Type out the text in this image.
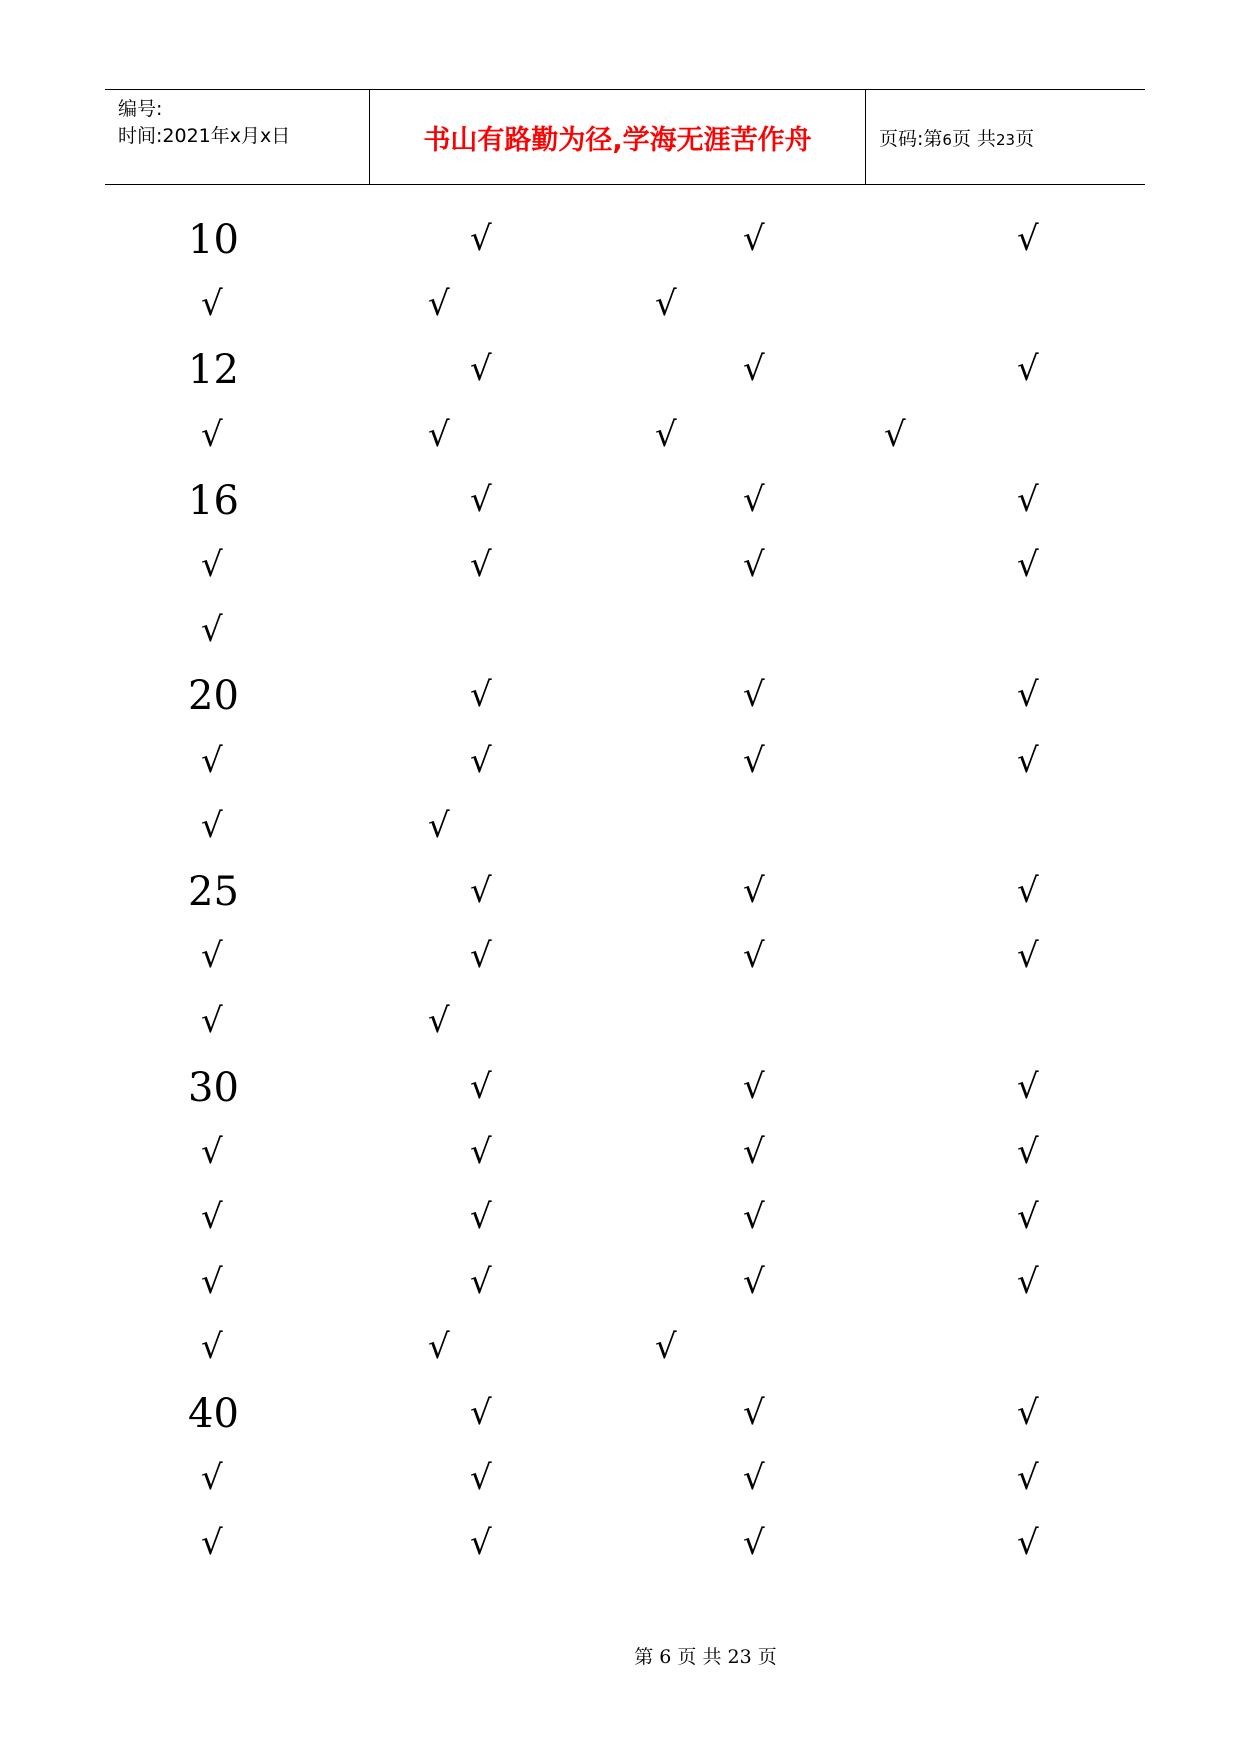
编号:
时间:2021年x月x日	书山有路勤为径,学海无涯苦作舟	页码:第6页 共23页
10	√	√	√
√	√	√
12	√	√	√
√	√	√	√
16	√	√	√
√	√	√	√
√
20	√	√	√
√	√	√	√
√	√
25	√	√	√
√	√	√	√
√	√
30	√	√	√
√	√	√	√
√	√	√	√
√	√	√	√
√	√	√
40	√	√	√
√	√	√	√
√	√	√	√
第 6 页 共 23 页
